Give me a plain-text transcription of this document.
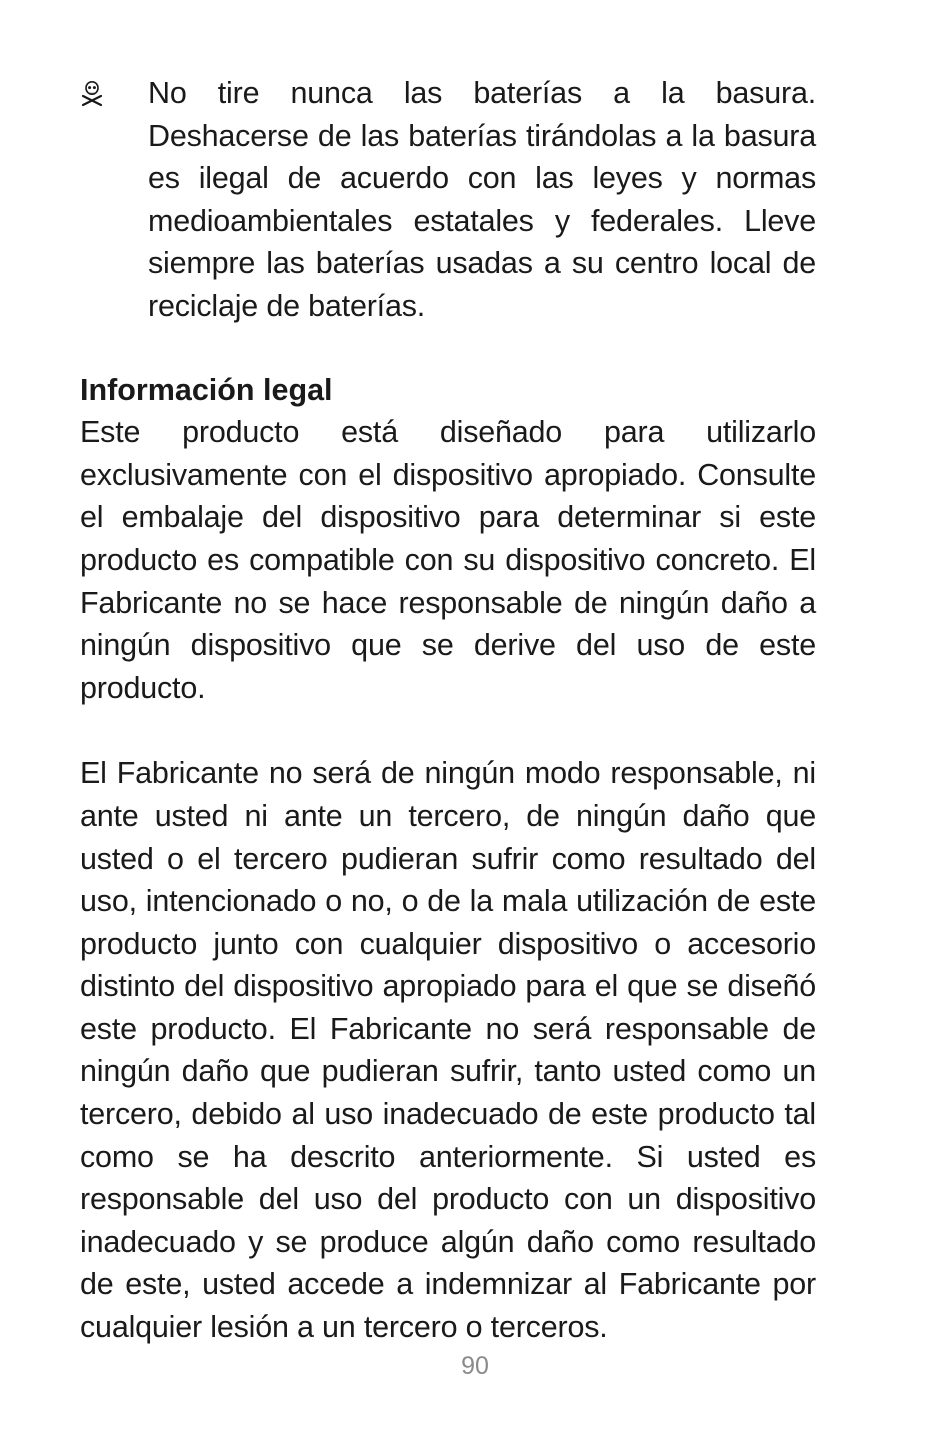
No tire nunca las baterías a la basura. Deshacerse de las baterías tirándolas a la basura es ilegal de acuerdo con las leyes y normas medioambientales estatales y federales. Lleve siempre las baterías usadas a su centro local de reciclaje de baterías.

Información legal

Este producto está diseñado para utilizarlo exclusivamente con el dispositivo apropiado. Consulte el embalaje del dispositivo para determinar si este producto es compatible con su dispositivo concreto. El Fabricante no se hace responsable de ningún daño a ningún dispositivo que se derive del uso de este producto.

El Fabricante no será de ningún modo responsable, ni ante usted ni ante un tercero, de ningún daño que usted o el tercero pudieran sufrir como resultado del uso, intencionado o no, o de la mala utilización de este producto junto con cualquier dispositivo o accesorio distinto del dispositivo apropiado para el que se diseñó este producto. El Fabricante no será responsable de ningún daño que pudieran sufrir, tanto usted como un tercero, debido al uso inadecuado de este producto tal como se ha descrito anteriormente. Si usted es responsable del uso del producto con un dispositivo inadecuado y se produce algún daño como resultado de este, usted accede a indemnizar al Fabricante por cualquier lesión a un tercero o terceros.

90
